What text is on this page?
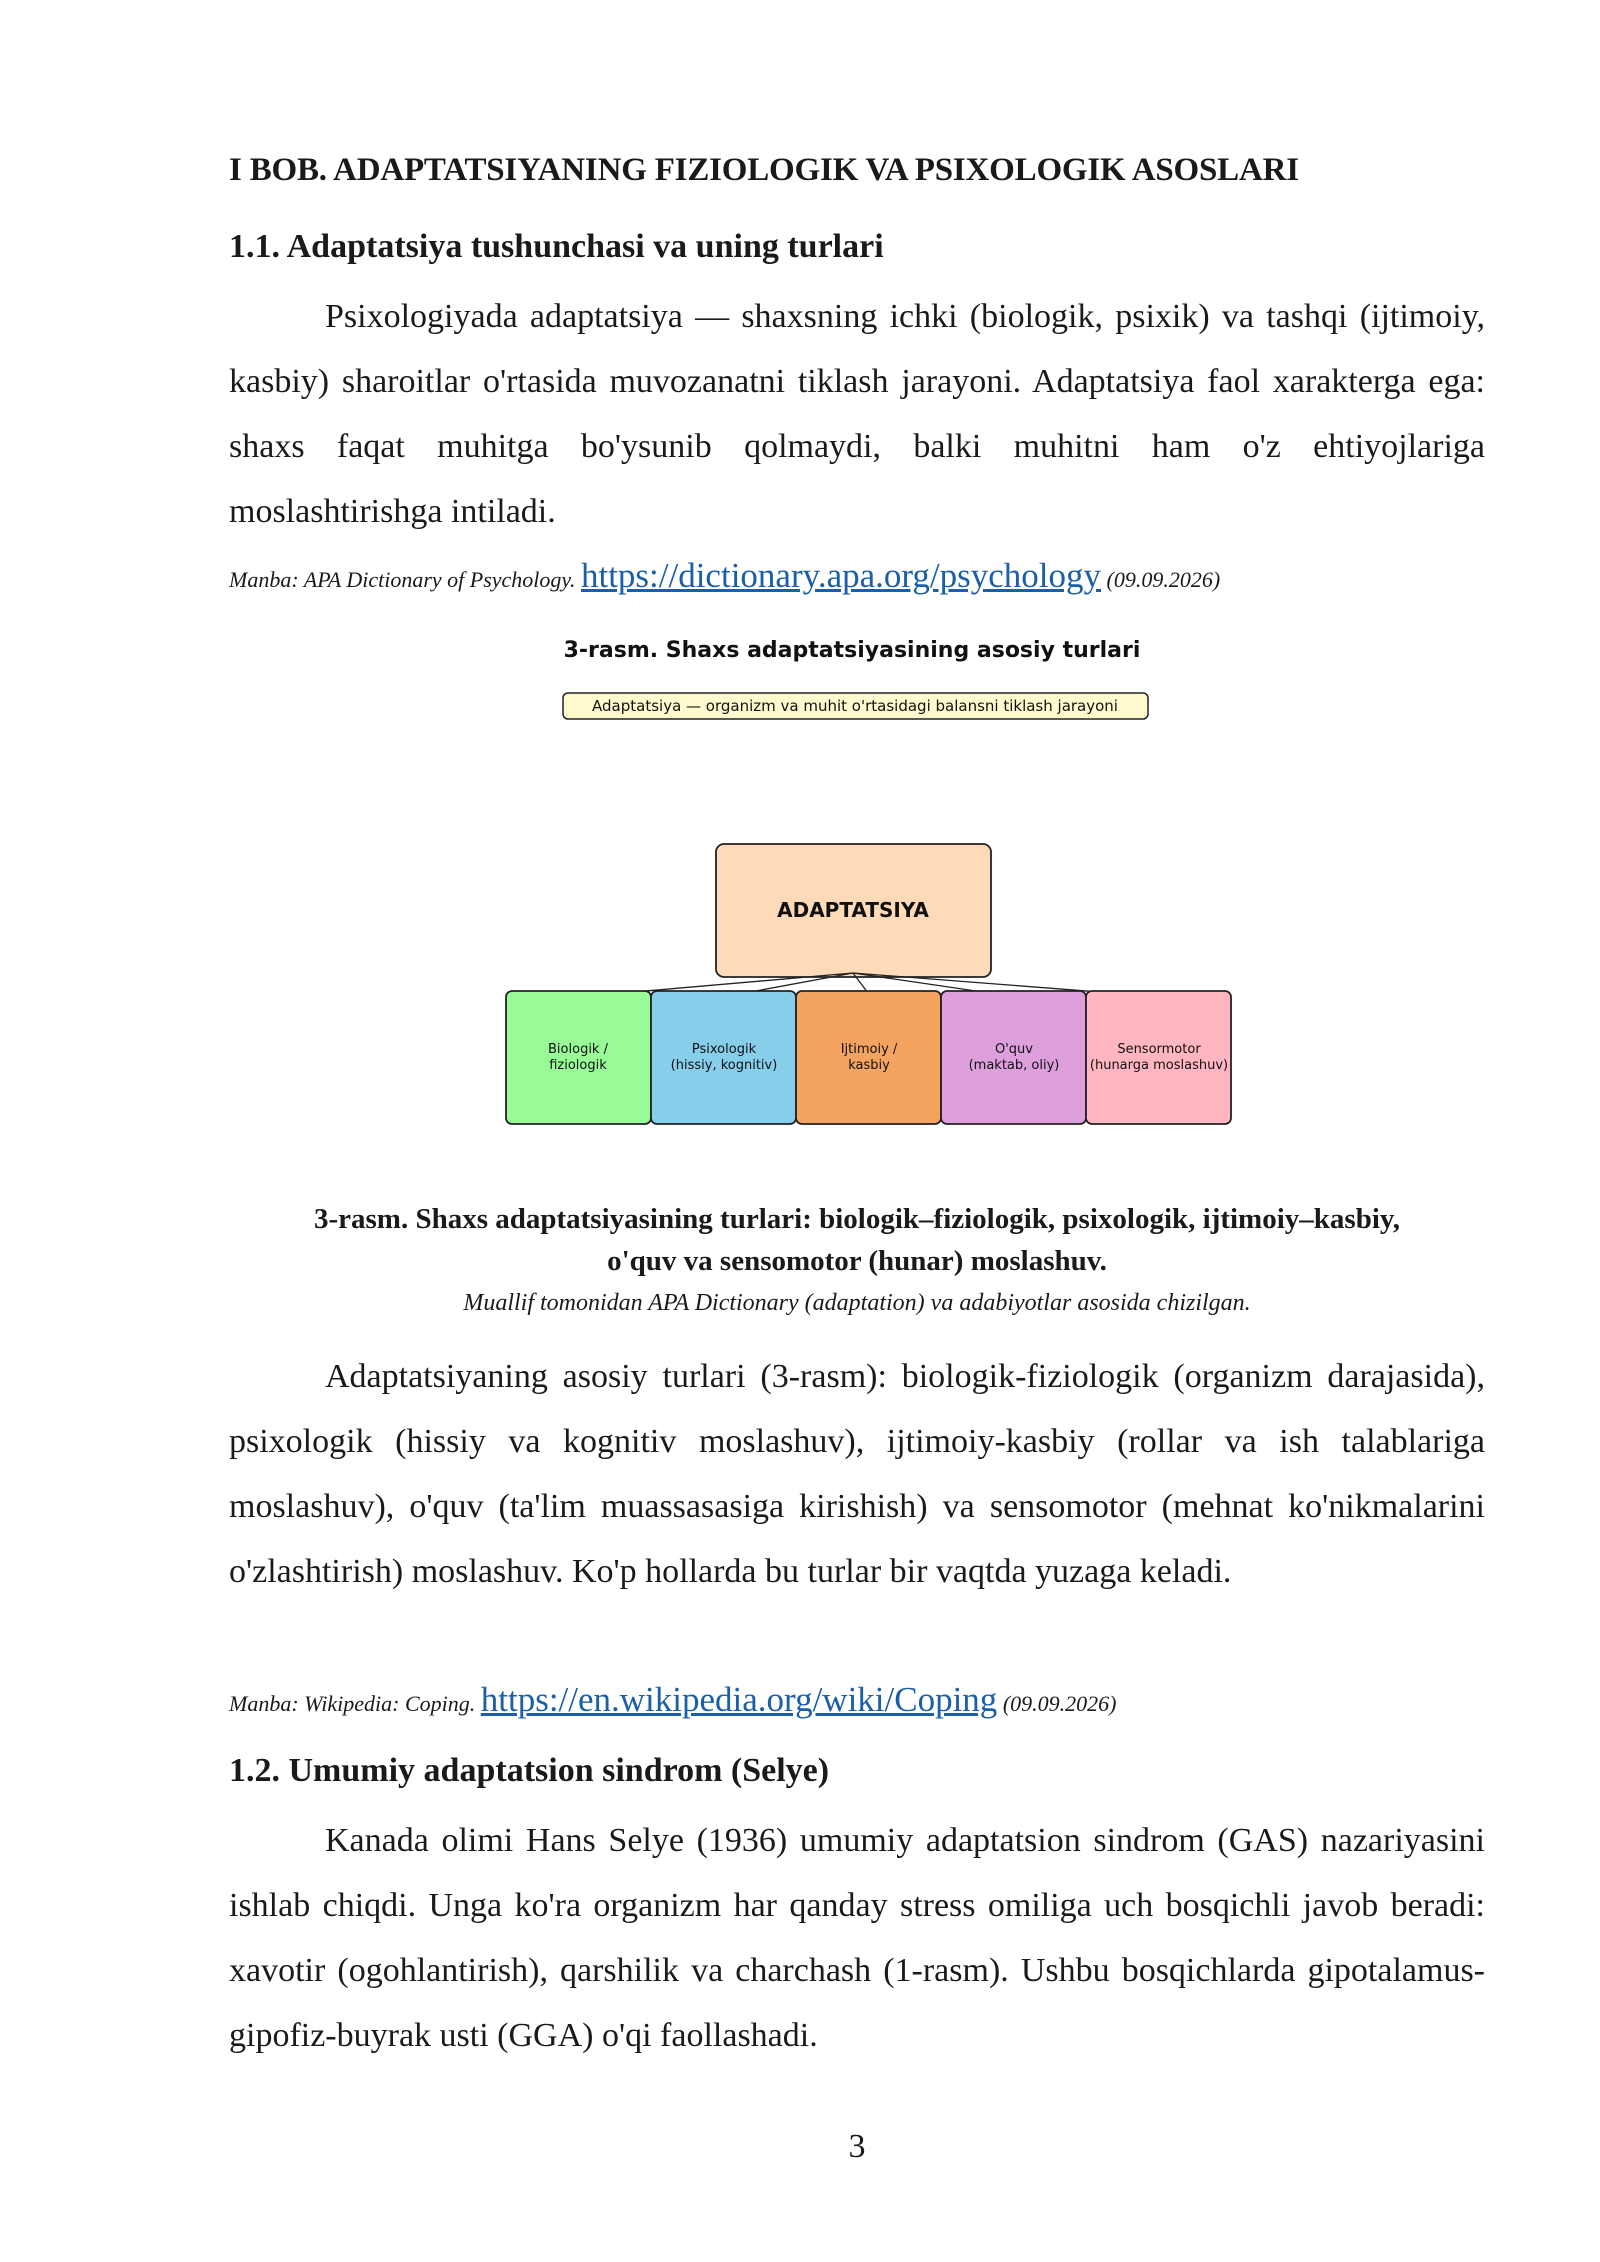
I BOB. ADAPTATSIYANING FIZIOLOGIK VA PSIXOLOGIK ASOSLARI
1.1. Adaptatsiya tushunchasi va uning turlari

Psixologiyada adaptatsiya — shaxsning ichki (biologik, psixik) va tashqi (ijtimoiy, kasbiy) sharoitlar o'rtasida muvozanatni tiklash jarayoni. Adaptatsiya faol xarakterga ega: shaxs faqat muhitga bo'ysunib qolmaydi, balki muhitni ham o'z ehtiyojlariga moslashtirishga intiladi.

Manba: APA Dictionary of Psychology. https://dictionary.apa.org/psychology (09.09.2026)
3-rasm. Shaxs adaptatsiyasining asosiy turlari
Adaptatsiya — organizm va muhit o'rtasidagi balansni tiklash jarayoni
ADAPTATSIYA
Biologik /
fiziologik
Psixologik
(hissiy, kognitiv)
Ijtimoiy /
kasbiy
O'quv
(maktab, oliy)
Sensormotor
(hunarga moslashuv)
3-rasm. Shaxs adaptatsiyasining turlari: biologik–fiziologik, psixologik, ijtimoiy–kasbiy,
o'quv va sensomotor (hunar) moslashuv.
Muallif tomonidan APA Dictionary (adaptation) va adabiyotlar asosida chizilgan.

Adaptatsiyaning asosiy turlari (3-rasm): biologik-fiziologik (organizm darajasida), psixologik (hissiy va kognitiv moslashuv), ijtimoiy-kasbiy (rollar va ish talablariga moslashuv), o'quv (ta'lim muassasasiga kirishish) va sensomotor (mehnat ko'nikmalarini o'zlashtirish) moslashuv. Ko'p hollarda bu turlar bir vaqtda yuzaga keladi.

Manba: Wikipedia: Coping. https://en.wikipedia.org/wiki/Coping (09.09.2026)
1.2. Umumiy adaptatsion sindrom (Selye)

Kanada olimi Hans Selye (1936) umumiy adaptatsion sindrom (GAS) nazariyasini ishlab chiqdi. Unga ko'ra organizm har qanday stress omiliga uch bosqichli javob beradi: xavotir (ogohlantirish), qarshilik va charchash (1-rasm). Ushbu bosqichlarda gipotalamus-gipofiz-buyrak usti (GGA) o'qi faollashadi.

3
